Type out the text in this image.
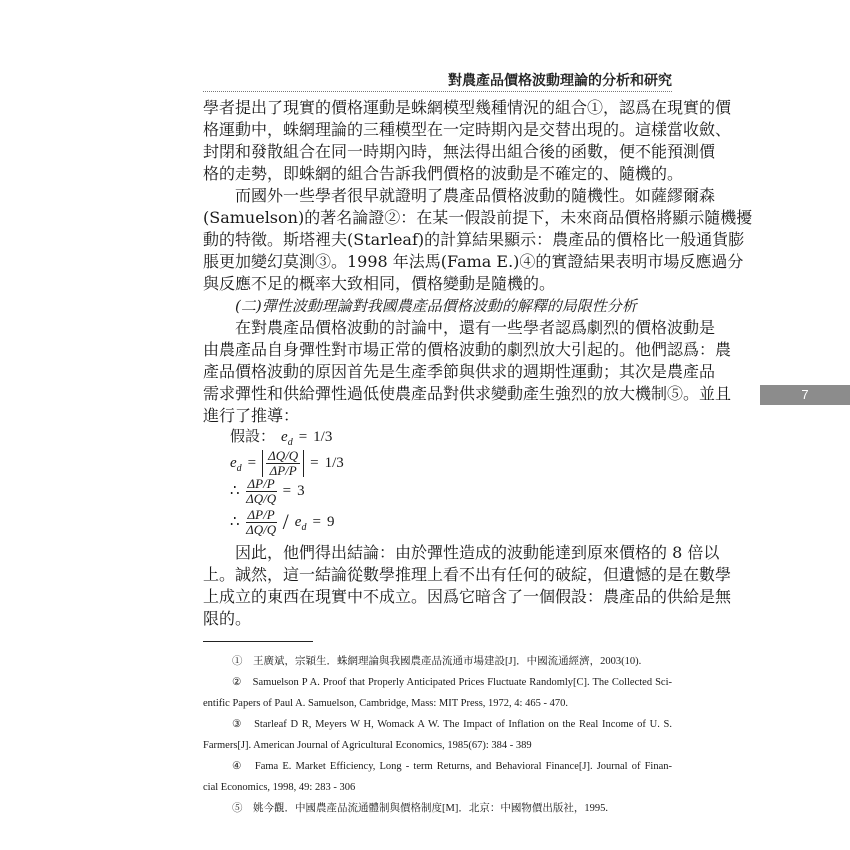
對農產品價格波動理論的分析和研究
7
學者提出了現實的價格運動是蛛網模型幾種情況的組合①，認爲在現實的價
格運動中，蛛網理論的三種模型在一定時期內是交替出現的。這樣當收斂、
封閉和發散組合在同一時期內時，無法得出組合後的函數，便不能預測價
格的走勢，即蛛網的組合告訴我們價格的波動是不確定的、隨機的。
而國外一些學者很早就證明了農產品價格波動的隨機性。如薩繆爾森
(Samuelson)的著名論證②：在某一假設前提下，未來商品價格將顯示隨機擾
動的特徵。斯塔裡夫(Starleaf)的計算結果顯示：農產品的價格比一般通貨膨
脹更加變幻莫測③。1998 年法馬(Fama E.)④的實證結果表明市場反應過分
與反應不足的概率大致相同，價格變動是隨機的。
(二)彈性波動理論對我國農產品價格波動的解釋的局限性分析
在對農產品價格波動的討論中，還有一些學者認爲劇烈的價格波動是
由農產品自身彈性對市場正常的價格波動的劇烈放大引起的。他們認爲：農
產品價格波動的原因首先是生產季節與供求的週期性運動；其次是農產品
需求彈性和供給彈性過低使農產品對供求變動產生強烈的放大機制⑤。並且
進行了推導：
假設： $e_d = 1/3$
$e_d = \frac{\Delta Q/Q}{\Delta P/P} = 1/3$
∴ $\frac{\Delta P/P}{\Delta Q/Q} = 3$
∴ $\frac{\Delta P/P}{\Delta Q/Q} / e_d = 9$
因此，他們得出結論：由於彈性造成的波動能達到原來價格的 8 倍以
上。誠然，這一結論從數學推理上看不出有任何的破綻，但遺憾的是在數學
上成立的東西在現實中不成立。因爲它暗含了一個假設：農產品的供給是無
限的。
①　王廣斌，宗穎生．蛛網理論與我國農產品流通市場建設[J]．中國流通經濟，2003(10).
②　Samuelson P A. Proof that Properly Anticipated Prices Fluctuate Randomly[C]. The Collected Sci-
entific Papers of Paul A. Samuelson, Cambridge, Mass: MIT Press, 1972, 4: 465 - 470.
③　Starleaf D R, Meyers W H, Womack A W. The Impact of Inflation on the Real Income of U. S.
Farmers[J]. American Journal of Agricultural Economics, 1985(67): 384 - 389
④　Fama E. Market Efficiency, Long - term Returns, and Behavioral Finance[J]. Journal of Finan-
cial Economics, 1998, 49: 283 - 306
⑤　姚今觀．中國農產品流通體制與價格制度[M]．北京：中國物價出版社，1995.
